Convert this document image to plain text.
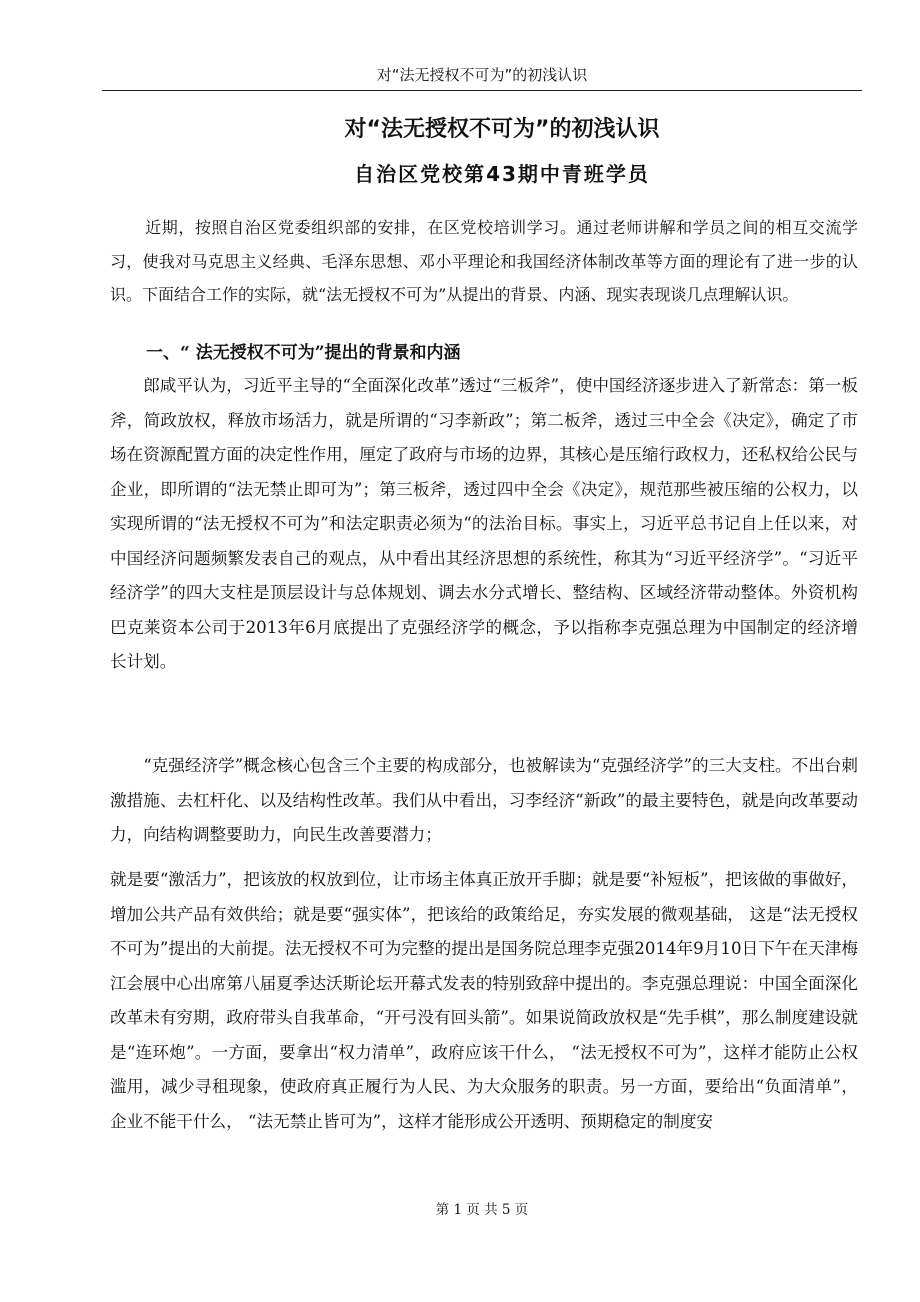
对“法无授权不可为”的初浅认识
对“法无授权不可为”的初浅认识
自治区党校第43期中青班学员

近期，按照自治区党委组织部的安排，在区党校培训学习。通过老师讲解和学员之间的相互交流学习，使我对马克思主义经典、毛泽东思想、邓小平理论和我国经济体制改革等方面的理论有了进一步的认识。下面结合工作的实际，就“法无授权不可为”从提出的背景、内涵、现实表现谈几点理解认识。

一、“ 法无授权不可为”提出的背景和内涵

郎咸平认为，习近平主导的“全面深化改革”透过“三板斧”，使中国经济逐步进入了新常态：第一板斧，简政放权，释放市场活力，就是所谓的“习李新政”；第二板斧，透过三中全会《决定》，确定了市场在资源配置方面的决定性作用，厘定了政府与市场的边界，其核心是压缩行政权力，还私权给公民与企业，即所谓的“法无禁止即可为”；第三板斧，透过四中全会《决定》，规范那些被压缩的公权力，以实现所谓的“法无授权不可为”和法定职责必须为“的法治目标。事实上，习近平总书记自上任以来，对中国经济问题频繁发表自己的观点，从中看出其经济思想的系统性，称其为“习近平经济学”。“习近平经济学”的四大支柱是顶层设计与总体规划、调去水分式增长、整结构、区域经济带动整体。外资机构巴克莱资本公司于2013年6月底提出了克强经济学的概念，予以指称李克强总理为中国制定的经济增长计划。

“克强经济学”概念核心包含三个主要的构成部分，也被解读为“克强经济学”的三大支柱。不出台刺激措施、去杠杆化、以及结构性改革。我们从中看出，习李经济“新政”的最主要特色，就是向改革要动力，向结构调整要助力，向民生改善要潜力；

就是要“激活力”，把该放的权放到位，让市场主体真正放开手脚；就是要“补短板”，把该做的事做好，增加公共产品有效供给；就是要“强实体”，把该给的政策给足，夯实发展的微观基础， 这是“法无授权不可为”提出的大前提。法无授权不可为完整的提出是国务院总理李克强2014年9月10日下午在天津梅江会展中心出席第八届夏季达沃斯论坛开幕式发表的特别致辞中提出的。李克强总理说：中国全面深化改革未有穷期，政府带头自我革命，“开弓没有回头箭”。如果说简政放权是“先手棋”，那么制度建设就是“连环炮”。一方面，要拿出“权力清单”，政府应该干什么， “法无授权不可为”，这样才能防止公权滥用，减少寻租现象，使政府真正履行为人民、为大众服务的职责。另一方面，要给出“负面清单”， 企业不能干什么， “法无禁止皆可为”，这样才能形成公开透明、预期稳定的制度安

第 1 页 共 5 页
